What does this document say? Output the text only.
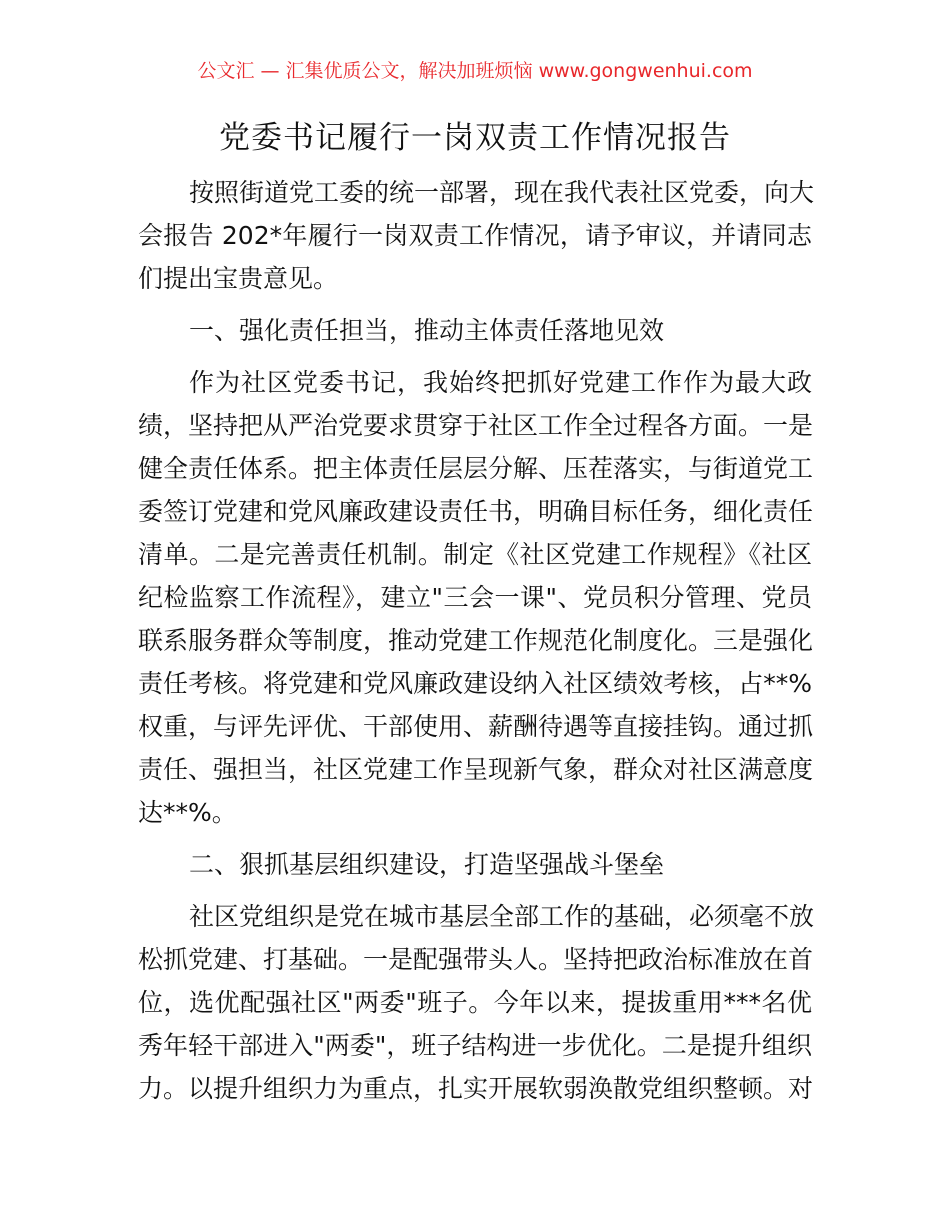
公文汇 — 汇集优质公文，解决加班烦恼 www.gongwenhui.com
党委书记履行一岗双责工作情况报告
按照街道党工委的统一部署，现在我代表社区党委，向大
会报告 202*年履行一岗双责工作情况，请予审议，并请同志
们提出宝贵意见。
一、强化责任担当，推动主体责任落地见效
作为社区党委书记，我始终把抓好党建工作作为最大政
绩，坚持把从严治党要求贯穿于社区工作全过程各方面。一是
健全责任体系。把主体责任层层分解、压茬落实，与街道党工
委签订党建和党风廉政建设责任书，明确目标任务，细化责任
清单。二是完善责任机制。制定《社区党建工作规程》《社区
纪检监察工作流程》，建立"三会一课"、党员积分管理、党员
联系服务群众等制度，推动党建工作规范化制度化。三是强化
责任考核。将党建和党风廉政建设纳入社区绩效考核，占**%
权重，与评先评优、干部使用、薪酬待遇等直接挂钩。通过抓
责任、强担当，社区党建工作呈现新气象，群众对社区满意度
达**%。
二、狠抓基层组织建设，打造坚强战斗堡垒
社区党组织是党在城市基层全部工作的基础，必须毫不放
松抓党建、打基础。一是配强带头人。坚持把政治标准放在首
位，选优配强社区"两委"班子。今年以来，提拔重用***名优
秀年轻干部进入"两委"，班子结构进一步优化。二是提升组织
力。以提升组织力为重点，扎实开展软弱涣散党组织整顿。对
